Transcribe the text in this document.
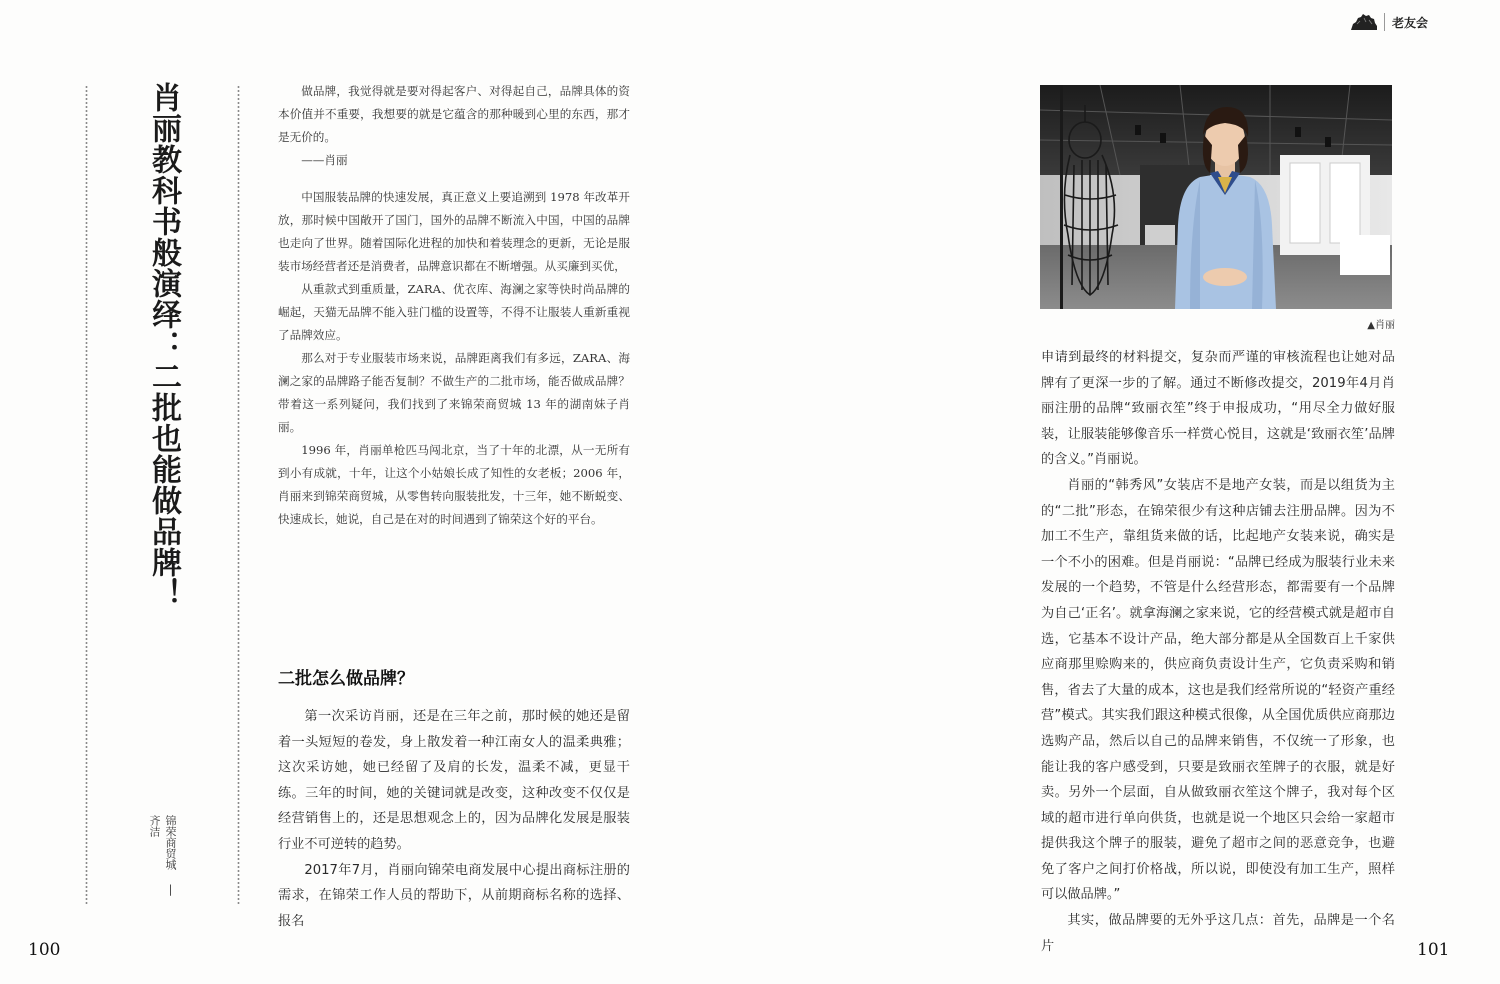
老友会
肖丽教科书般演绎：二批也能做品牌！
锦荣商贸城 | 齐洁

做品牌，我觉得就是要对得起客户、对得起自己，品牌具体的资本价值并不重要，我想要的就是它蕴含的那种暖到心里的东西，那才是无价的。

——肖丽

中国服装品牌的快速发展，真正意义上要追溯到 1978 年改革开放，那时候中国敞开了国门，国外的品牌不断流入中国，中国的品牌也走向了世界。随着国际化进程的加快和着装理念的更新，无论是服装市场经营者还是消费者，品牌意识都在不断增强。从买廉到买优，

从重款式到重质量，ZARA、优衣库、海澜之家等快时尚品牌的崛起，天猫无品牌不能入驻门槛的设置等，不得不让服装人重新重视了品牌效应。

那么对于专业服装市场来说，品牌距离我们有多远，ZARA、海澜之家的品牌路子能否复制？不做生产的二批市场，能否做成品牌？带着这一系列疑问，我们找到了来锦荣商贸城 13 年的湖南妹子肖丽。

1996 年，肖丽单枪匹马闯北京，当了十年的北漂，从一无所有到小有成就，十年，让这个小姑娘长成了知性的女老板；2006 年，肖丽来到锦荣商贸城，从零售转向服装批发，十三年，她不断蜕变、快速成长，她说，自己是在对的时间遇到了锦荣这个好的平台。

二批怎么做品牌？

第一次采访肖丽，还是在三年之前，那时候的她还是留着一头短短的卷发，身上散发着一种江南女人的温柔典雅；这次采访她，她已经留了及肩的长发，温柔不减，更显干练。三年的时间，她的关键词就是改变，这种改变不仅仅是经营销售上的，还是思想观念上的，因为品牌化发展是服装行业不可逆转的趋势。

2017年7月，肖丽向锦荣电商发展中心提出商标注册的需求，在锦荣工作人员的帮助下，从前期商标名称的选择、报名

▲肖丽

申请到最终的材料提交，复杂而严谨的审核流程也让她对品牌有了更深一步的了解。通过不断修改提交，2019年4月肖丽注册的品牌“致丽衣笙”终于申报成功，“用尽全力做好服装，让服装能够像音乐一样赏心悦目，这就是‘致丽衣笙’品牌的含义。”肖丽说。

肖丽的“韩秀风”女装店不是地产女装，而是以组货为主的“二批”形态，在锦荣很少有这种店铺去注册品牌。因为不加工不生产，靠组货来做的话，比起地产女装来说，确实是一个不小的困难。但是肖丽说：“品牌已经成为服装行业未来发展的一个趋势，不管是什么经营形态，都需要有一个品牌为自己‘正名’。就拿海澜之家来说，它的经营模式就是超市自选，它基本不设计产品，绝大部分都是从全国数百上千家供应商那里赊购来的，供应商负责设计生产，它负责采购和销售，省去了大量的成本，这也是我们经常所说的“轻资产重经营”模式。其实我们跟这种模式很像，从全国优质供应商那边选购产品，然后以自己的品牌来销售，不仅统一了形象，也能让我的客户感受到，只要是致丽衣笙牌子的衣服，就是好卖。另外一个层面，自从做致丽衣笙这个牌子，我对每个区域的超市进行单向供货，也就是说一个地区只会给一家超市提供我这个牌子的服装，避免了超市之间的恶意竞争，也避免了客户之间打价格战，所以说，即使没有加工生产，照样可以做品牌。”

其实，做品牌要的无外乎这几点：首先，品牌是一个名片

100	101
